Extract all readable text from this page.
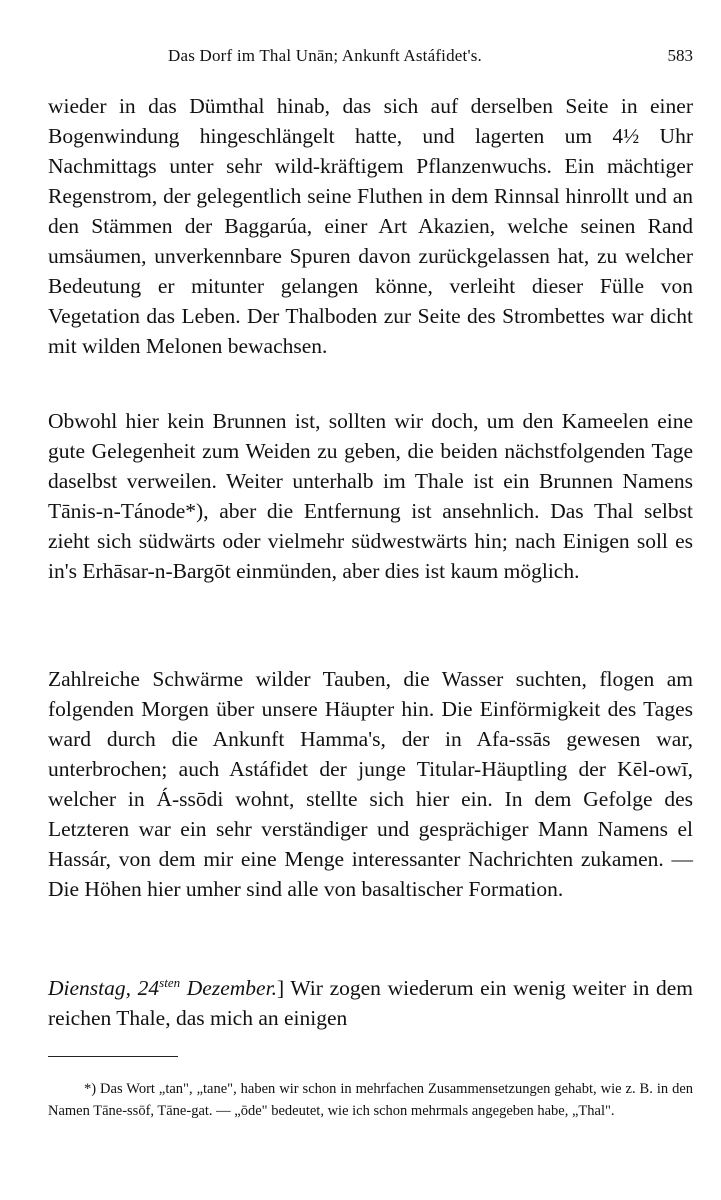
Das Dorf im Thal Unān; Ankunft Astáfidet's.	583

wieder in das Dümthal hinab, das sich auf derselben Seite in einer Bogenwindung hingeschlängelt hatte, und lagerten um 4½ Uhr Nachmittags unter sehr wild-kräftigem Pflanzenwuchs. Ein mächtiger Regenstrom, der gelegentlich seine Fluthen in dem Rinnsal hinrollt und an den Stämmen der Baggarúa, einer Art Akazien, welche seinen Rand umsäumen, unverkennbare Spuren davon zurückgelassen hat, zu welcher Bedeutung er mitunter gelangen könne, verleiht dieser Fülle von Vegetation das Leben. Der Thalboden zur Seite des Strombettes war dicht mit wilden Melonen bewachsen.

Obwohl hier kein Brunnen ist, sollten wir doch, um den Kameelen eine gute Gelegenheit zum Weiden zu geben, die beiden nächstfolgenden Tage daselbst verweilen. Weiter unterhalb im Thale ist ein Brunnen Namens Tānis-n-Tánode*), aber die Entfernung ist ansehnlich. Das Thal selbst zieht sich südwärts oder vielmehr südwestwärts hin; nach Einigen soll es in's Erhāsar-n-Bargōt einmünden, aber dies ist kaum möglich.

Zahlreiche Schwärme wilder Tauben, die Wasser suchten, flogen am folgenden Morgen über unsere Häupter hin. Die Einförmigkeit des Tages ward durch die Ankunft Hamma's, der in Afa-ssās gewesen war, unterbrochen; auch Astáfidet der junge Titular-Häuptling der Kēl-owī, welcher in Á-ssōdi wohnt, stellte sich hier ein. In dem Gefolge des Letzteren war ein sehr verständiger und gesprächiger Mann Namens el Hassár, von dem mir eine Menge interessanter Nachrichten zukamen. — Die Höhen hier umher sind alle von basaltischer Formation.

Dienstag, $24^{sten}$ Dezember.] Wir zogen wiederum ein wenig weiter in dem reichen Thale, das mich an einigen

*) Das Wort „tan", „tane", haben wir schon in mehrfachen Zusammensetzungen gehabt, wie z. B. in den Namen Tāne-ssōf, Tāne-gat. — „ōde" bedeutet, wie ich schon mehrmals angegeben habe, „Thal".
